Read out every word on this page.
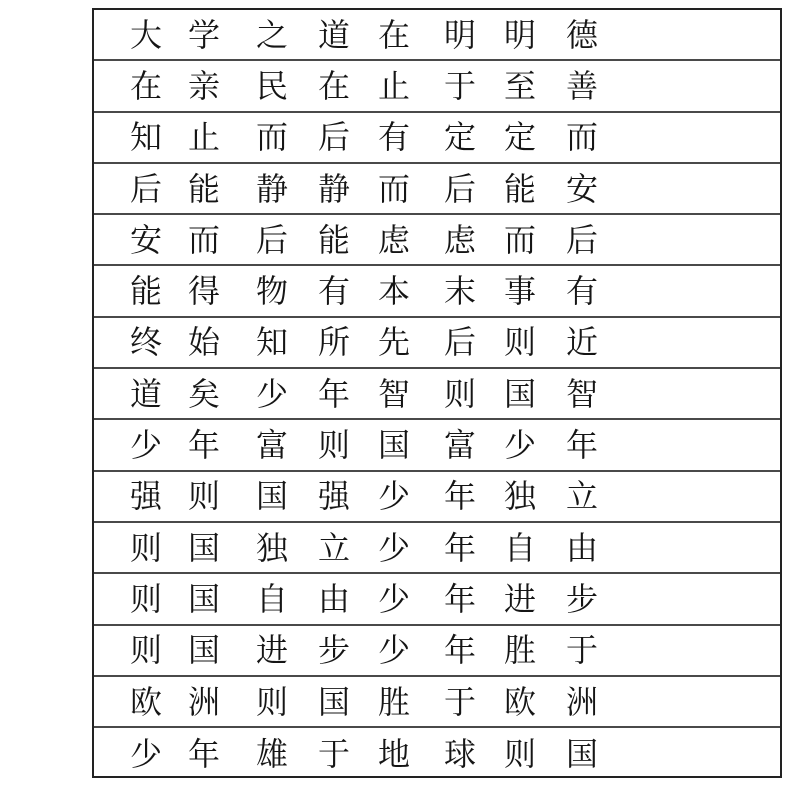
大 学	之 道 在	明 明 德
在 亲	民 在 止	于 至 善
知 止	而 后 有	定 定 而
后 能	静 静 而	后 能 安
安 而	后 能 虑	虑 而 后
能 得	物 有 本	末 事 有
终 始	知 所 先	后 则 近
道 矣	少 年 智	则 国 智
少 年	富 则 国	富 少 年
强 则	国 强 少	年 独 立
则 国	独 立 少	年 自 由
则 国	自 由 少	年 进 步
则 国	进 步 少	年 胜 于
欧 洲	则 国 胜	于 欧 洲
少 年	雄 于 地	球 则 国
